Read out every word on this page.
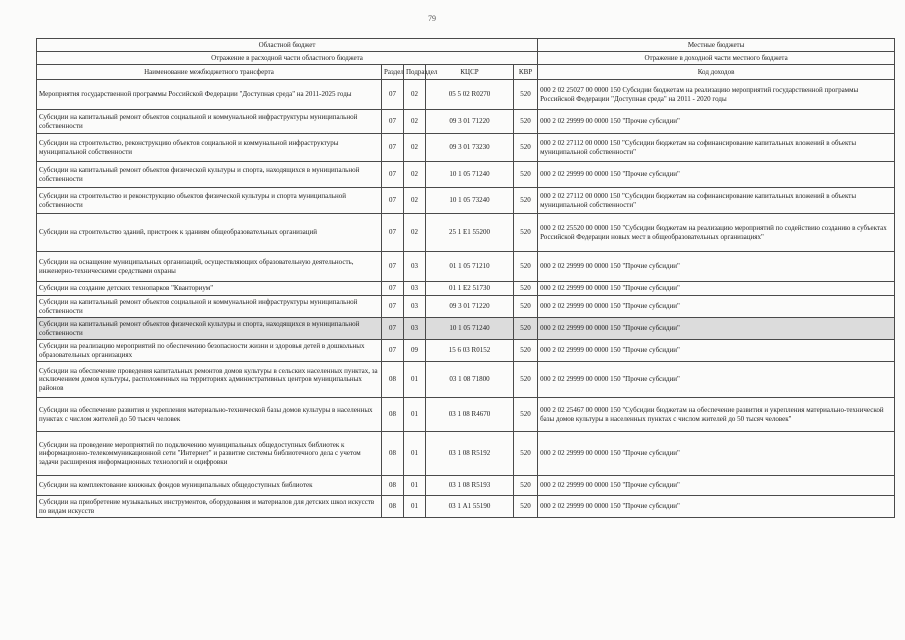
79
Областной бюджет					Местные бюджеты
Отражение в расходной части областного бюджета					Отражение в доходной части местного бюджета
Наименование межбюджетного трансферта	Раздел	Подраздел	КЦСР	КВР	Код доходов
Мероприятия государственной программы Российской Федерации "Доступная среда" на 2011-2025 годы	07	02	05 5 02 R0270	520	000 2 02 25027 00 0000 150 Субсидии бюджетам на реализацию мероприятий государственной программы Российской Федерации "Доступная среда" на 2011 - 2020 годы
Субсидии на капитальный ремонт объектов социальной и коммунальной инфраструктуры муниципальной собственности	07	02	09 3 01 71220	520	000 2 02 29999 00 0000 150 "Прочие субсидии"
Субсидии на строительство, реконструкцию объектов социальной и коммунальной инфраструктуры муниципальной собственности	07	02	09 3 01 73230	520	000 2 02 27112 00 0000 150 "Субсидии бюджетам на софинансирование капитальных вложений в объекты муниципальной собственности"
Субсидии на капитальный ремонт объектов физической культуры и спорта, находящихся в муниципальной собственности	07	02	10 1 05 71240	520	000 2 02 29999 00 0000 150 "Прочие субсидии"
Субсидии на строительство и реконструкцию объектов физической культуры и спорта муниципальной собственности	07	02	10 1 05 73240	520	000 2 02 27112 00 0000 150 "Субсидии бюджетам на софинансирование капитальных вложений в объекты муниципальной собственности"
Субсидии на строительство зданий, пристроек к зданиям общеобразовательных организаций	07	02	25 1 Е1 55200	520	000 2 02 25520 00 0000 150 "Субсидии бюджетам на реализацию мероприятий по содействию созданию в субъектах Российской Федерации новых мест в общеобразовательных организациях"
Субсидии на оснащение муниципальных организаций, осуществляющих образовательную деятельность, инженерно-техническими средствами охраны	07	03	01 1 05 71210	520	000 2 02 29999 00 0000 150 "Прочие субсидии"
Субсидии на создание детских технопарков "Кванториум"	07	03	01 1 Е2 51730	520	000 2 02 29999 00 0000 150 "Прочие субсидии"
Субсидии на капитальный ремонт объектов социальной и коммунальной инфраструктуры муниципальной собственности	07	03	09 3 01 71220	520	000 2 02 29999 00 0000 150 "Прочие субсидии"
Субсидии на капитальный ремонт объектов физической культуры и спорта, находящихся в муниципальной собственности	07	03	10 1 05 71240	520	000 2 02 29999 00 0000 150 "Прочие субсидии"
Субсидии на реализацию мероприятий по обеспечению безопасности жизни и здоровья детей в дошкольных образовательных организациях	07	09	15 6 03 R0152	520	000 2 02 29999 00 0000 150 "Прочие субсидии"
Субсидии на обеспечение проведения капитальных ремонтов домов культуры в сельских населенных пунктах, за исключением домов культуры, расположенных на территориях административных центров муниципальных районов	08	01	03 1 08 71800	520	000 2 02 29999 00 0000 150 "Прочие субсидии"
Субсидии на обеспечение развития и укрепления материально-технической базы домов культуры в населенных пунктах с числом жителей до 50 тысяч человек	08	01	03 1 08 R4670	520	000 2 02 25467 00 0000 150 "Субсидии бюджетам на обеспечение развития и укрепления материально-технической базы домов культуры в населенных пунктах с числом жителей до 50 тысяч человек"
Субсидии на проведение мероприятий по подключению муниципальных общедоступных библиотек к информационно-телекоммуникационной сети "Интернет" и развитие системы библиотечного дела с учетом задачи расширения информационных технологий и оцифровки	08	01	03 1 08 R5192	520	000 2 02 29999 00 0000 150 "Прочие субсидии"
Субсидии на комплектование книжных фондов муниципальных общедоступных библиотек	08	01	03 1 08 R5193	520	000 2 02 29999 00 0000 150 "Прочие субсидии"
Субсидии на приобретение музыкальных инструментов, оборудования и материалов для детских школ искусств по видам искусств	08	01	03 1 А1 55190	520	000 2 02 29999 00 0000 150 "Прочие субсидии"
